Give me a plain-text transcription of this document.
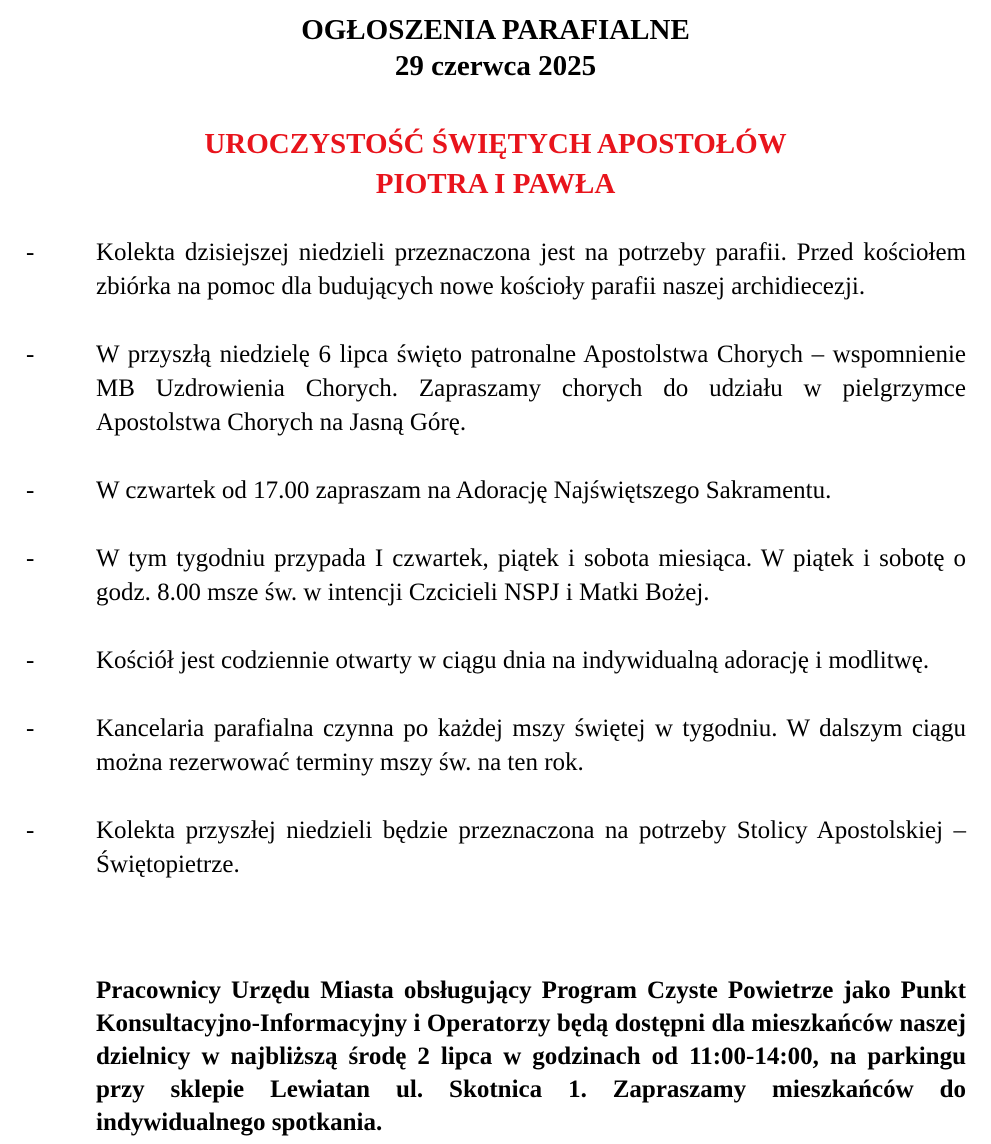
OGŁOSZENIA PARAFIALNE
29 czerwca 2025
UROCZYSTOŚĆ ŚWIĘTYCH APOSTOŁÓW
PIOTRA I PAWŁA
- Kolekta dzisiejszej niedzieli przeznaczona jest na potrzeby parafii. Przed kościołem zbiórka na pomoc dla budujących nowe kościoły parafii naszej archidiecezji.
- W przyszłą niedzielę 6 lipca święto patronalne Apostolstwa Chorych – wspomnienie MB Uzdrowienia Chorych. Zapraszamy chorych do udziału w pielgrzymce Apostolstwa Chorych na Jasną Górę.
- W czwartek od 17.00 zapraszam na Adorację Najświętszego Sakramentu.
- W tym tygodniu przypada I czwartek, piątek i sobota miesiąca. W piątek i sobotę o godz. 8.00 msze św. w intencji Czcicieli NSPJ i Matki Bożej.
- Kościół jest codziennie otwarty w ciągu dnia na indywidualną adorację i modlitwę.
- Kancelaria parafialna czynna po każdej mszy świętej w tygodniu. W dalszym ciągu można rezerwować terminy mszy św. na ten rok.
- Kolekta przyszłej niedzieli będzie przeznaczona na potrzeby Stolicy Apostolskiej – Świętopietrze.
Pracownicy Urzędu Miasta obsługujący Program Czyste Powietrze jako Punkt Konsultacyjno-Informacyjny i Operatorzy będą dostępni dla mieszkańców naszej dzielnicy w najbliższą środę 2 lipca w godzinach od 11:00-14:00, na parkingu przy sklepie Lewiatan ul. Skotnica 1. Zapraszamy mieszkańców do indywidualnego spotkania.
